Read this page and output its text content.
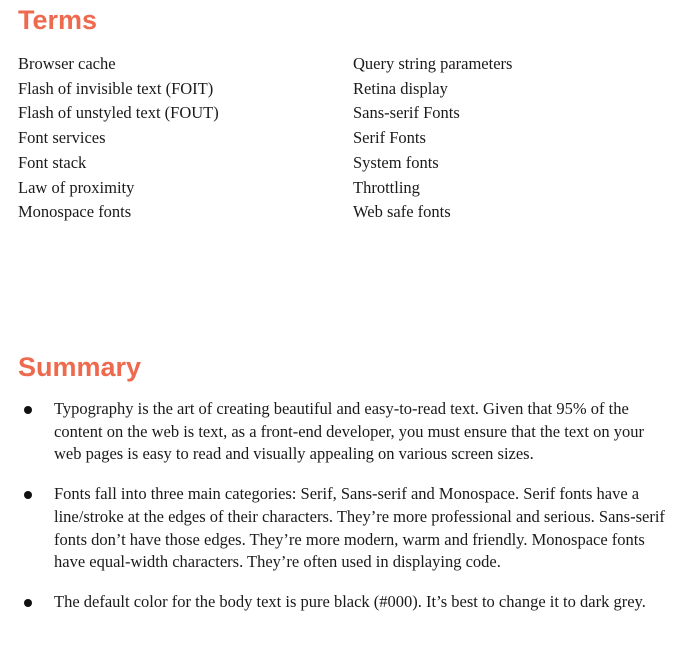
Terms
Browser cache
Flash of invisible text (FOIT)
Flash of unstyled text (FOUT)
Font services
Font stack
Law of proximity
Monospace fonts
Query string parameters
Retina display
Sans-serif Fonts
Serif Fonts
System fonts
Throttling
Web safe fonts
Summary
Typography is the art of creating beautiful and easy-to-read text. Given that 95% of the content on the web is text, as a front-end developer, you must ensure that the text on your web pages is easy to read and visually appealing on various screen sizes.
Fonts fall into three main categories: Serif, Sans-serif and Monospace. Serif fonts have a line/stroke at the edges of their characters. They’re more professional and serious. Sans-serif fonts don’t have those edges. They’re more modern, warm and friendly. Monospace fonts have equal-width characters. They’re often used in displaying code.
The default color for the body text is pure black (#000). It’s best to change it to dark grey.
